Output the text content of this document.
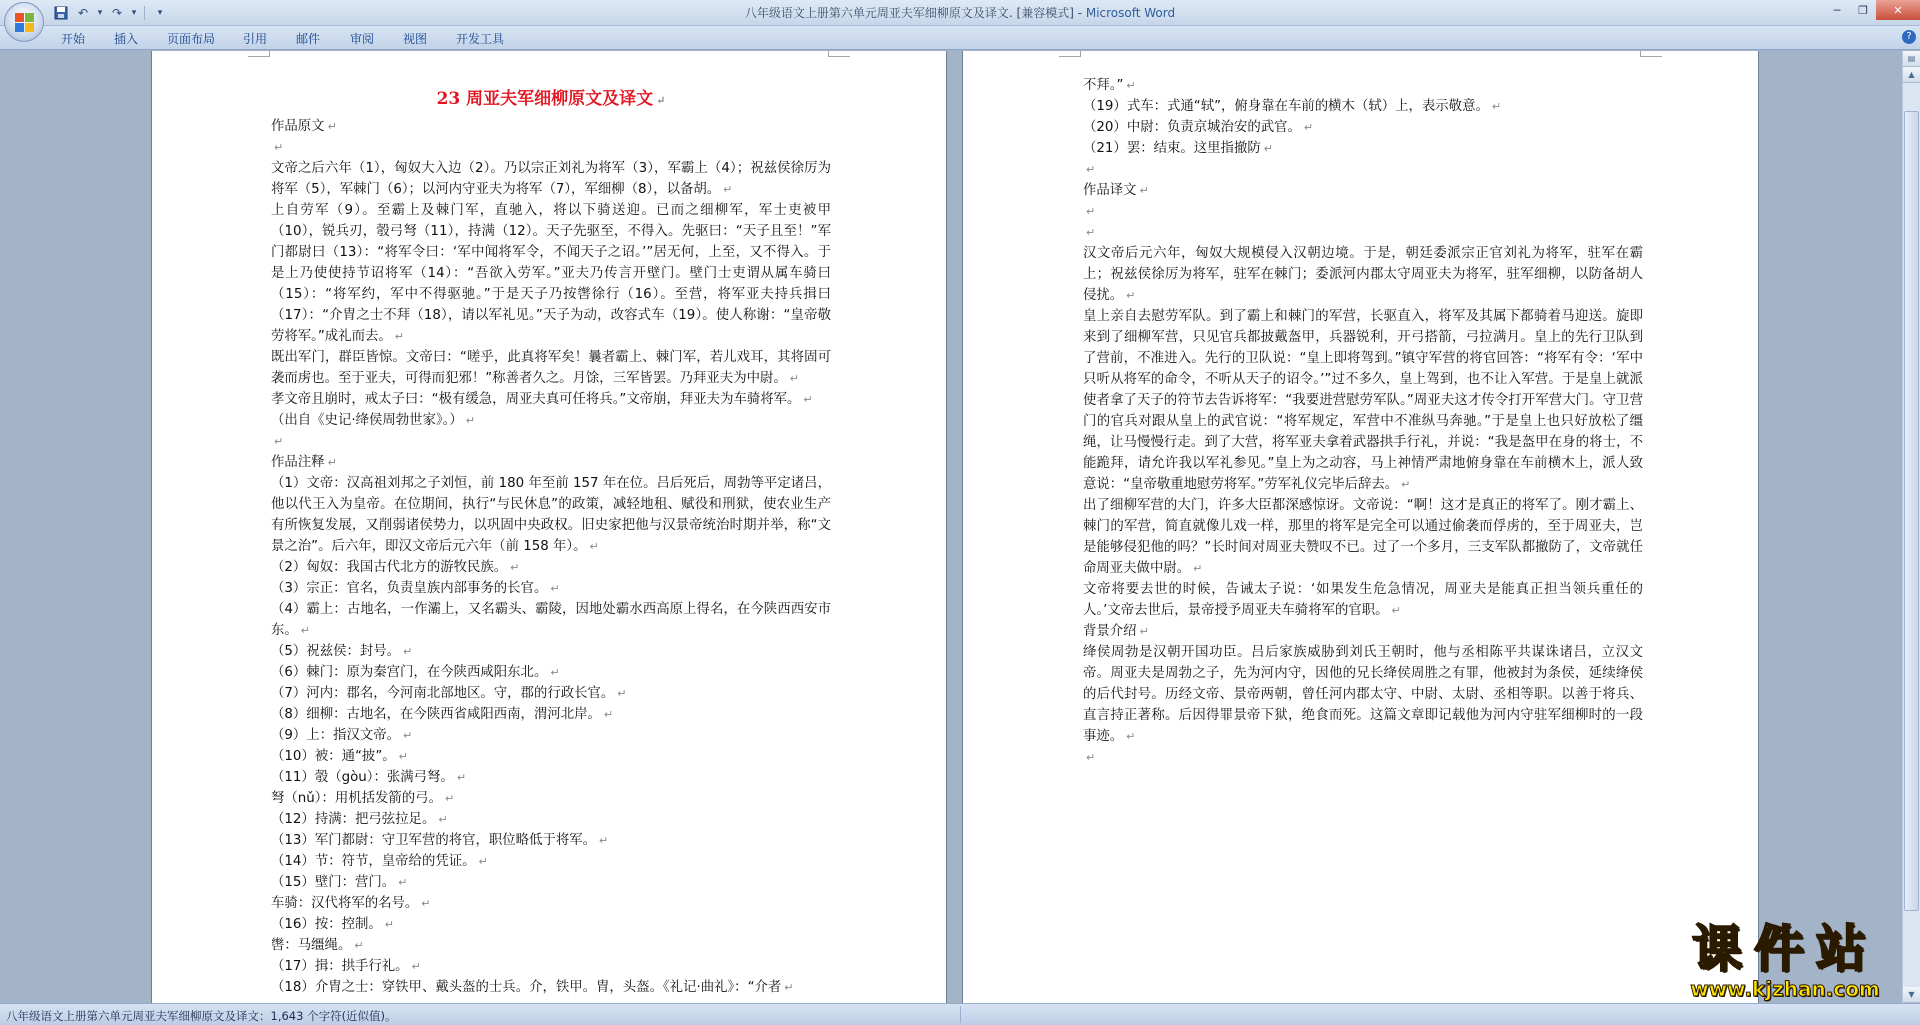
↶	▾ ↷	▾	▾	八年级语文上册第六单元周亚夫军细柳原文及译文. [兼容模式] - Microsoft Word	─	❐	✕
开始 插入 页面布局 引用 邮件 审阅 视图 开发工具	?
23 周亚夫军细柳原文及译文 ↵

作品原文 ↵

↵

文帝之后六年（1），匈奴大入边（2）。乃以宗正刘礼为将军（3），军霸上（4）；祝兹侯徐厉为将军（5），军棘门（6）；以河内守亚夫为将军（7），军细柳（8），以备胡。 ↵

上自劳军（9）。至霸上及棘门军，直驰入，将以下骑送迎。已而之细柳军，军士吏被甲（10），锐兵刃，彀弓弩（11），持满（12）。天子先驱至，不得入。先驱曰：“天子且至！”军门都尉曰（13）：“将军令曰：‘军中闻将军令，不闻天子之诏。’”居无何，上至，又不得入。于是上乃使使持节诏将军（14）：“吾欲入劳军。”亚夫乃传言开壁门。壁门士吏谓从属车骑曰（15）：“将军约，军中不得驱驰。”于是天子乃按辔徐行（16）。至营，将军亚夫持兵揖曰（17）：“介胄之士不拜（18），请以军礼见。”天子为动，改容式车（19）。使人称谢：“皇帝敬劳将军。”成礼而去。 ↵

既出军门，群臣皆惊。文帝曰：“嗟乎，此真将军矣！曩者霸上、棘门军，若儿戏耳，其将固可袭而虏也。至于亚夫，可得而犯邪！”称善者久之。月馀，三军皆罢。乃拜亚夫为中尉。 ↵

孝文帝且崩时，戒太子曰：“极有缓急，周亚夫真可任将兵。”文帝崩，拜亚夫为车骑将军。 ↵

（出自《史记·绛侯周勃世家》。） ↵

↵

作品注释 ↵

（1）文帝：汉高祖刘邦之子刘恒，前 180 年至前 157 年在位。吕后死后，周勃等平定诸吕，他以代王入为皇帝。在位期间，执行“与民休息”的政策，减轻地租、赋役和刑狱，使农业生产有所恢复发展，又削弱诸侯势力，以巩固中央政权。旧史家把他与汉景帝统治时期并举，称“文景之治”。后六年，即汉文帝后元六年（前 158 年）。 ↵

（2）匈奴：我国古代北方的游牧民族。 ↵

（3）宗正：官名，负责皇族内部事务的长官。 ↵

（4）霸上：古地名，一作灞上，又名霸头、霸陵，因地处霸水西高原上得名，在今陕西西安市东。 ↵

（5）祝兹侯：封号。 ↵

（6）棘门：原为秦宫门，在今陕西咸阳东北。 ↵

（7）河内：郡名，今河南北部地区。守，郡的行政长官。 ↵

（8）细柳：古地名，在今陕西省咸阳西南，渭河北岸。 ↵

（9）上：指汉文帝。 ↵

（10）被：通“披”。 ↵

（11）彀（gòu）：张满弓弩。 ↵

弩（nǔ）：用机括发箭的弓。 ↵

（12）持满：把弓弦拉足。 ↵

（13）军门都尉：守卫军营的将官，职位略低于将军。 ↵

（14）节：符节，皇帝给的凭证。 ↵

（15）壁门：营门。 ↵

车骑：汉代将军的名号。 ↵

（16）按：控制。 ↵

辔：马缰绳。 ↵

（17）揖：拱手行礼。 ↵

（18）介胄之士：穿铁甲、戴头盔的士兵。介，铁甲。胄，头盔。《礼记·曲礼》：“介者 ↵

不拜。” ↵

（19）式车：式通“轼”，俯身靠在车前的横木（轼）上，表示敬意。 ↵

（20）中尉：负责京城治安的武官。 ↵

（21）罢：结束。这里指撤防 ↵

↵

作品译文 ↵

↵

↵

汉文帝后元六年，匈奴大规模侵入汉朝边境。于是，朝廷委派宗正官刘礼为将军，驻军在霸上；祝兹侯徐厉为将军，驻军在棘门；委派河内郡太守周亚夫为将军，驻军细柳，以防备胡人侵扰。 ↵

皇上亲自去慰劳军队。到了霸上和棘门的军营，长驱直入，将军及其属下都骑着马迎送。旋即来到了细柳军营，只见官兵都披戴盔甲，兵器锐利，开弓搭箭，弓拉满月。皇上的先行卫队到了营前，不准进入。先行的卫队说：“皇上即将驾到。”镇守军营的将官回答：“将军有令：‘军中只听从将军的命令，不听从天子的诏令。’”过不多久，皇上驾到，也不让入军营。于是皇上就派使者拿了天子的符节去告诉将军：“我要进营慰劳军队。”周亚夫这才传令打开军营大门。守卫营门的官兵对跟从皇上的武官说：“将军规定，军营中不准纵马奔驰。”于是皇上也只好放松了缰绳，让马慢慢行走。到了大营，将军亚夫拿着武器拱手行礼，并说：“我是盔甲在身的将士，不能跪拜，请允许我以军礼参见。”皇上为之动容，马上神情严肃地俯身靠在车前横木上，派人致意说：“皇帝敬重地慰劳将军。”劳军礼仪完毕后辞去。 ↵

出了细柳军营的大门，许多大臣都深感惊讶。文帝说：“啊！这才是真正的将军了。刚才霸上、棘门的军营，简直就像儿戏一样，那里的将军是完全可以通过偷袭而俘虏的，至于周亚夫，岂是能够侵犯他的吗？”长时间对周亚夫赞叹不已。过了一个多月，三支军队都撤防了，文帝就任命周亚夫做中尉。 ↵

文帝将要去世的时候，告诫太子说：‘如果发生危急情况，周亚夫是能真正担当领兵重任的人。’文帝去世后，景帝授予周亚夫车骑将军的官职。 ↵

背景介绍 ↵

绛侯周勃是汉朝开国功臣。吕后家族威胁到刘氏王朝时，他与丞相陈平共谋诛诸吕，立汉文帝。周亚夫是周勃之子，先为河内守，因他的兄长绛侯周胜之有罪，他被封为条侯，延续绛侯的后代封号。历经文帝、景帝两朝，曾任河内郡太守、中尉、太尉、丞相等职。以善于将兵、直言持正著称。后因得罪景帝下狱，绝食而死。这篇文章即记载他为河内守驻军细柳时的一段事迹。 ↵

↵

▤
▲
▼
八年级语文上册第六单元周亚夫军细柳原文及译文：1,643 个字符(近似值)。
课件站
www.kjzhan.com
